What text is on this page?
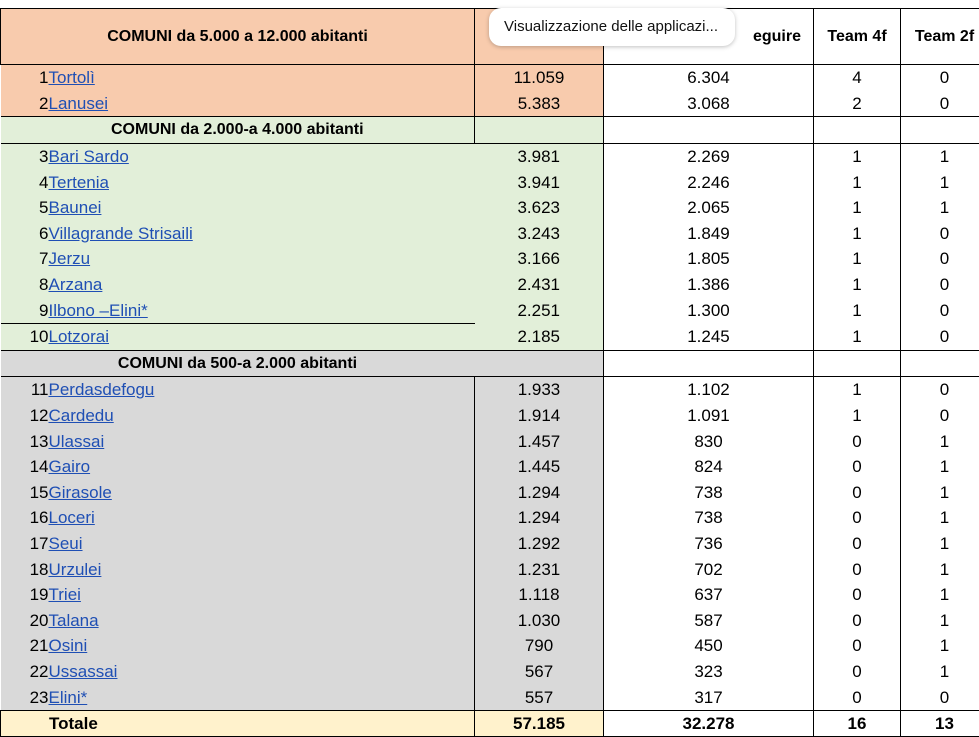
COMUNI da 5.000 a 12.000 abitanti		eguire	Team 4f	Team 2f
1Tortolì	11.059	6.304	4	0
2Lanusei	5.383	3.068	2	0
COMUNI da 2.000-a 4.000 abitanti				
3Bari Sardo	3.981	2.269	1	1
4Tertenia	3.941	2.246	1	1
5Baunei	3.623	2.065	1	1
6Villagrande Strisaili	3.243	1.849	1	0
7Jerzu	3.166	1.805	1	0
8Arzana	2.431	1.386	1	0
9Ilbono –Elini*	2.251	1.300	1	0
10Lotzorai	2.185	1.245	1	0
COMUNI da 500-a 2.000 abitanti				
11Perdasdefogu	1.933	1.102	1	0
12Cardedu	1.914	1.091	1	0
13Ulassai	1.457	830	0	1
14Gairo	1.445	824	0	1
15Girasole	1.294	738	0	1
16Loceri	1.294	738	0	1
17Seui	1.292	736	0	1
18Urzulei	1.231	702	0	1
19Triei	1.118	637	0	1
20Talana	1.030	587	0	1
21Osini	790	450	0	1
22Ussassai	567	323	0	1
23Elini*	557	317	0	0
Totale	57.185	32.278	16	13
Visualizzazione delle applicazi...
